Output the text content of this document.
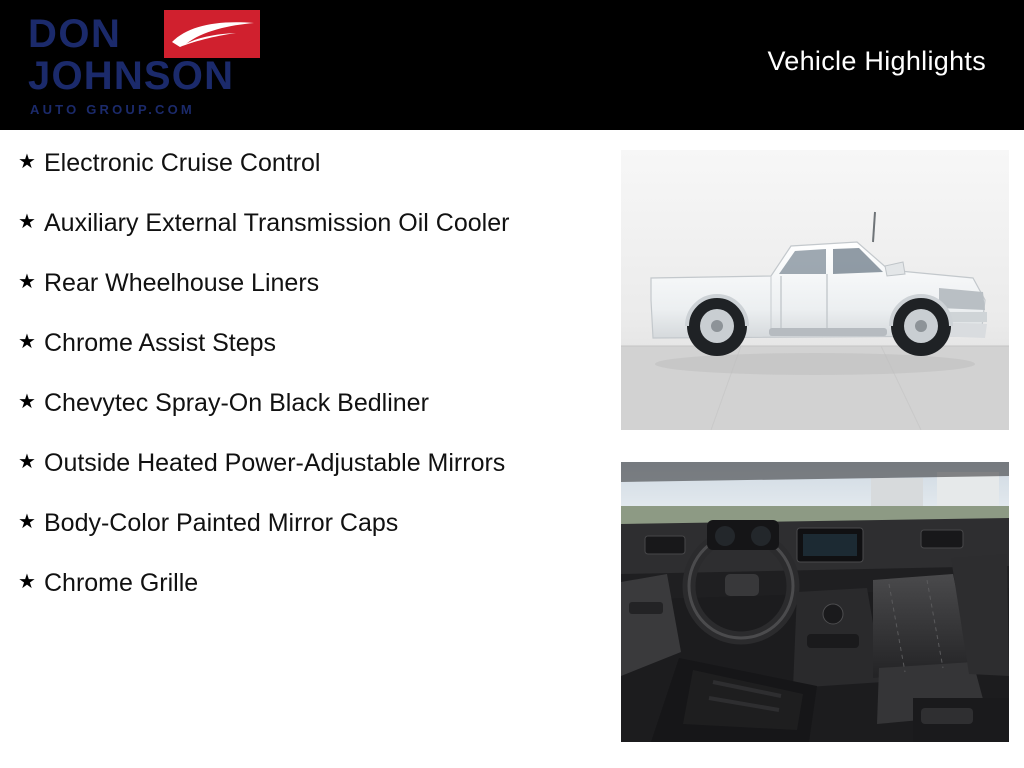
Vehicle Highlights
DON
JOHNSON
AUTO GROUP.COM
★ Electronic Cruise Control
★ Auxiliary External Transmission Oil Cooler
★ Rear Wheelhouse Liners
★ Chrome Assist Steps
★ Chevytec Spray-On Black Bedliner
★ Outside Heated Power-Adjustable Mirrors
★ Body-Color Painted Mirror Caps
★ Chrome Grille
